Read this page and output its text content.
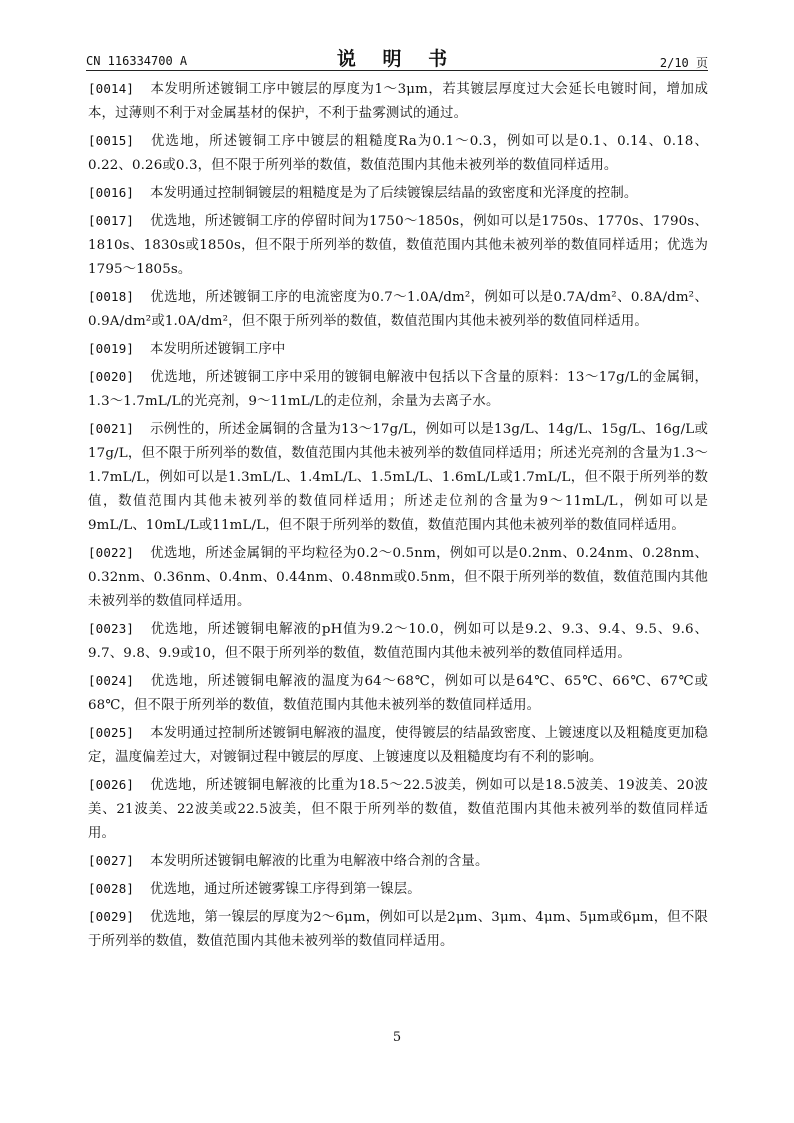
CN 116334700 A	说 明 书	2/10 页

[0014] 本发明所述镀铜工序中镀层的厚度为1～3μm，若其镀层厚度过大会延长电镀时间，增加成本，过薄则不利于对金属基材的保护，不利于盐雾测试的通过。

[0015] 优选地，所述镀铜工序中镀层的粗糙度Ra为0.1～0.3，例如可以是0.1、0.14、0.18、0.22、0.26或0.3，但不限于所列举的数值，数值范围内其他未被列举的数值同样适用。

[0016] 本发明通过控制铜镀层的粗糙度是为了后续镀镍层结晶的致密度和光泽度的控制。

[0017] 优选地，所述镀铜工序的停留时间为1750～1850s，例如可以是1750s、1770s、1790s、1810s、1830s或1850s，但不限于所列举的数值，数值范围内其他未被列举的数值同样适用；优选为1795～1805s。

[0018] 优选地，所述镀铜工序的电流密度为0.7～1.0A/dm²，例如可以是0.7A/dm²、0.8A/dm²、0.9A/dm²或1.0A/dm²，但不限于所列举的数值，数值范围内其他未被列举的数值同样适用。

[0019] 本发明所述镀铜工序中

[0020] 优选地，所述镀铜工序中采用的镀铜电解液中包括以下含量的原料：13～17g/L的金属铜，1.3～1.7mL/L的光亮剂，9～11mL/L的走位剂，余量为去离子水。

[0021] 示例性的，所述金属铜的含量为13～17g/L，例如可以是13g/L、14g/L、15g/L、16g/L或17g/L，但不限于所列举的数值，数值范围内其他未被列举的数值同样适用；所述光亮剂的含量为1.3～1.7mL/L，例如可以是1.3mL/L、1.4mL/L、1.5mL/L、1.6mL/L或1.7mL/L，但不限于所列举的数值，数值范围内其他未被列举的数值同样适用；所述走位剂的含量为9～11mL/L，例如可以是9mL/L、10mL/L或11mL/L，但不限于所列举的数值，数值范围内其他未被列举的数值同样适用。

[0022] 优选地，所述金属铜的平均粒径为0.2～0.5nm，例如可以是0.2nm、0.24nm、0.28nm、0.32nm、0.36nm、0.4nm、0.44nm、0.48nm或0.5nm，但不限于所列举的数值，数值范围内其他未被列举的数值同样适用。

[0023] 优选地，所述镀铜电解液的pH值为9.2～10.0，例如可以是9.2、9.3、9.4、9.5、9.6、9.7、9.8、9.9或10，但不限于所列举的数值，数值范围内其他未被列举的数值同样适用。

[0024] 优选地，所述镀铜电解液的温度为64～68℃，例如可以是64℃、65℃、66℃、67℃或68℃，但不限于所列举的数值，数值范围内其他未被列举的数值同样适用。

[0025] 本发明通过控制所述镀铜电解液的温度，使得镀层的结晶致密度、上镀速度以及粗糙度更加稳定，温度偏差过大，对镀铜过程中镀层的厚度、上镀速度以及粗糙度均有不利的影响。

[0026] 优选地，所述镀铜电解液的比重为18.5～22.5波美，例如可以是18.5波美、19波美、20波美、21波美、22波美或22.5波美，但不限于所列举的数值，数值范围内其他未被列举的数值同样适用。

[0027] 本发明所述镀铜电解液的比重为电解液中络合剂的含量。

[0028] 优选地，通过所述镀雾镍工序得到第一镍层。

[0029] 优选地，第一镍层的厚度为2～6μm，例如可以是2μm、3μm、4μm、5μm或6μm，但不限于所列举的数值，数值范围内其他未被列举的数值同样适用。

5
